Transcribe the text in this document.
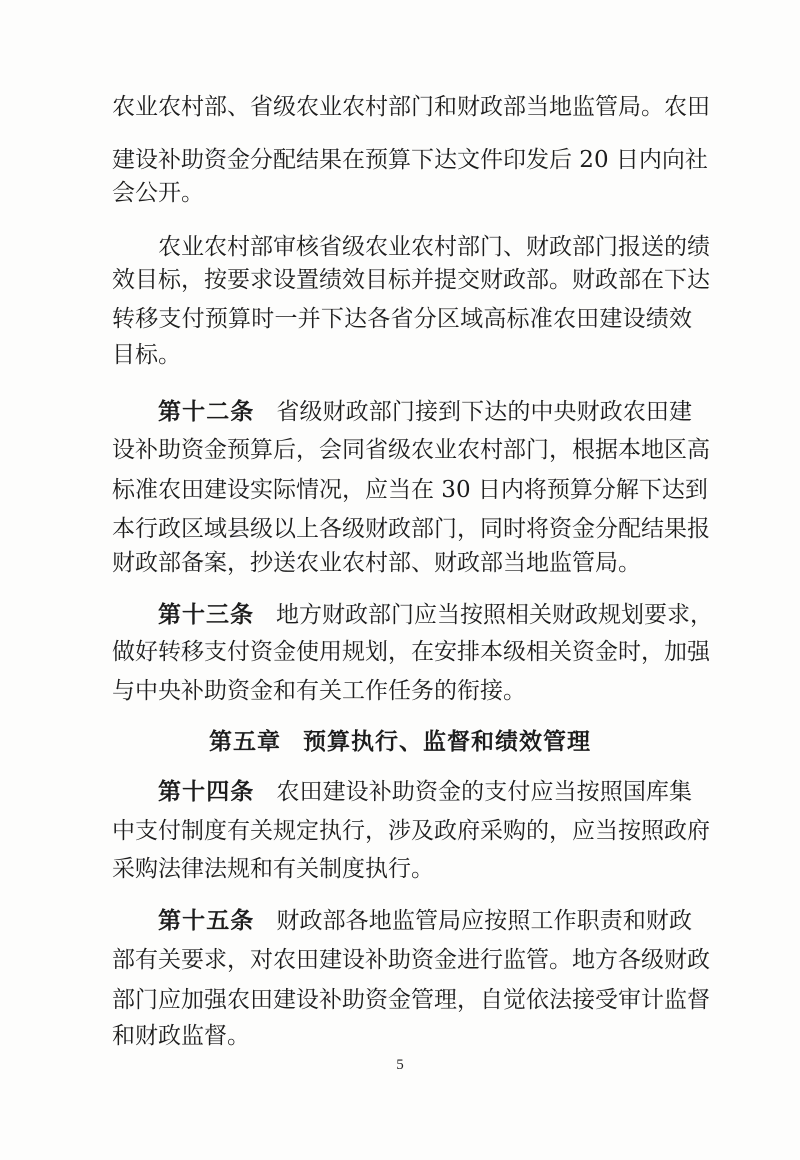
农业农村部、省级农业农村部门和财政部当地监管局。农田
建设补助资金分配结果在预算下达文件印发后 20 日内向社
会公开。
农业农村部审核省级农业农村部门、财政部门报送的绩
效目标，按要求设置绩效目标并提交财政部。财政部在下达
转移支付预算时一并下达各省分区域高标准农田建设绩效
目标。
第十二条 省级财政部门接到下达的中央财政农田建
设补助资金预算后，会同省级农业农村部门，根据本地区高
标准农田建设实际情况，应当在 30 日内将预算分解下达到
本行政区域县级以上各级财政部门，同时将资金分配结果报
财政部备案，抄送农业农村部、财政部当地监管局。
第十三条 地方财政部门应当按照相关财政规划要求，
做好转移支付资金使用规划，在安排本级相关资金时，加强
与中央补助资金和有关工作任务的衔接。
第五章 预算执行、监督和绩效管理
第十四条 农田建设补助资金的支付应当按照国库集
中支付制度有关规定执行，涉及政府采购的，应当按照政府
采购法律法规和有关制度执行。
第十五条 财政部各地监管局应按照工作职责和财政
部有关要求，对农田建设补助资金进行监管。地方各级财政
部门应加强农田建设补助资金管理，自觉依法接受审计监督
和财政监督。
5
